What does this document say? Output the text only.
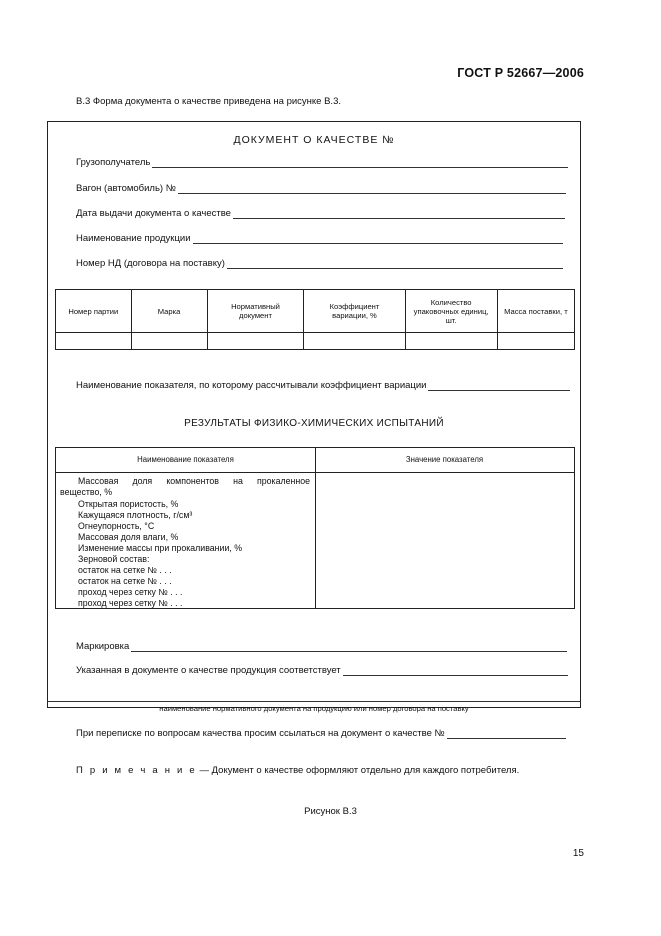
ГОСТ Р 52667—2006
В.3 Форма документа о качестве приведена на рисунке В.3.
ДОКУМЕНТ О КАЧЕСТВЕ №
Грузополучатель
Вагон (автомобиль) №
Дата выдачи документа о качестве
Наименование продукции
Номер НД (договора на поставку)
Номер партии	Марка	Нормативный документ	Коэффициент вариации, %	Количество упаковочных единиц, шт.	Масса поставки, т

Наименование показателя, по которому рассчитывали коэффициент вариации
РЕЗУЛЬТАТЫ ФИЗИКО-ХИМИЧЕСКИХ ИСПЫТАНИЙ
Наименование показателя	Значение показателя
Массовая доля компонентов на прокаленное
вещество, %
Открытая пористость, %
Кажущаяся плотность, г/см³
Огнеупорность, °С
Массовая доля влаги, %
Изменение массы при прокаливании, %
Зерновой состав:
остаток на сетке № . . .
остаток на сетке № . . .
проход через сетку № . . .
проход через сетку № . . .
Маркировка
Указанная в документе о качестве продукция соответствует
наименование нормативного документа на продукцию или номер договора на поставку
При переписке по вопросам качества просим ссылаться на документ о качестве №
П р и м е ч а н и е — Документ о качестве оформляют отдельно для каждого потребителя.
Рисунок В.3
15
